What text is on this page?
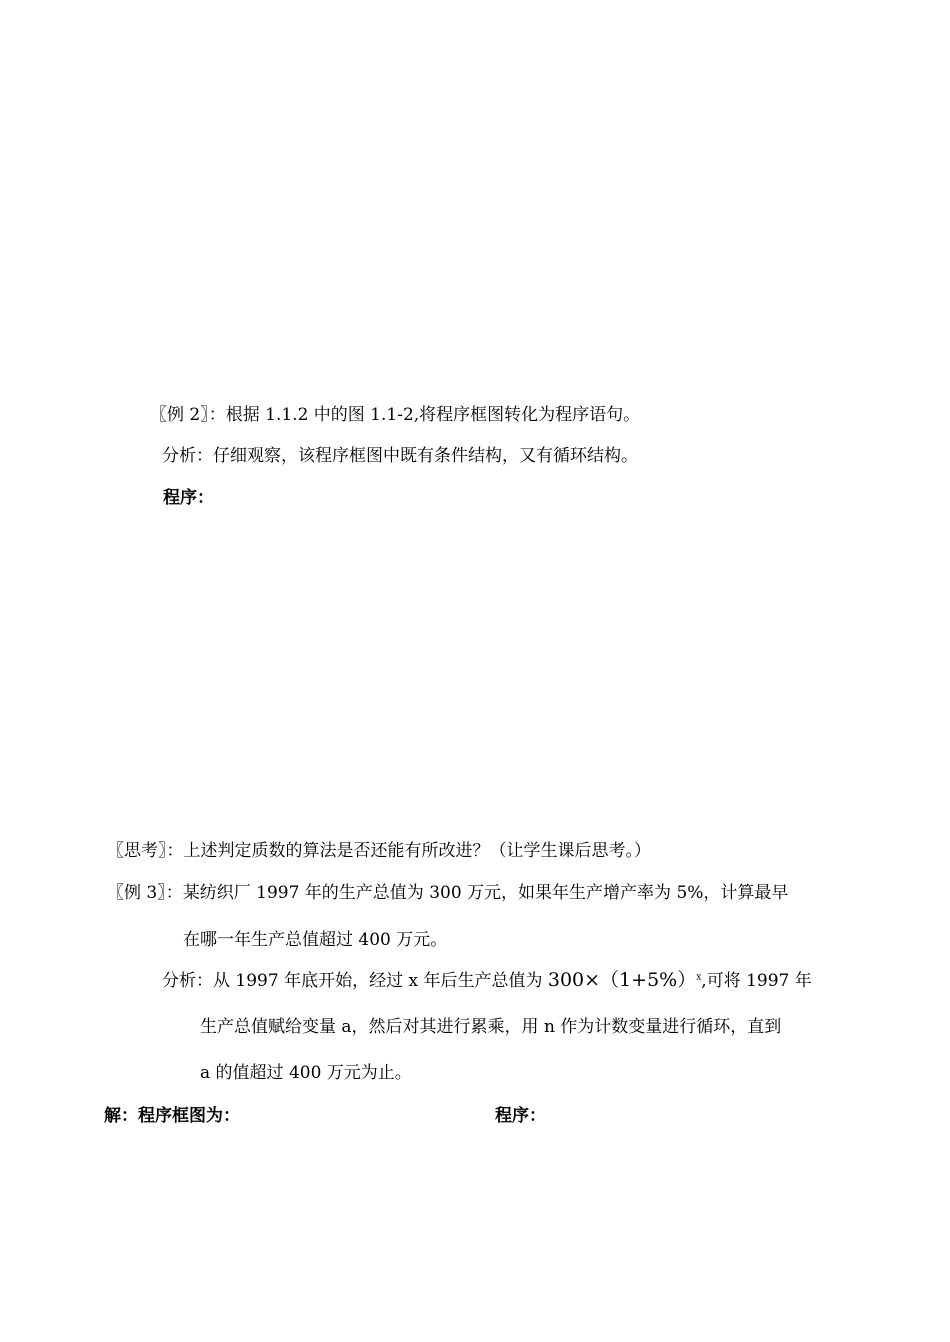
〖例 2〗：根据 1.1.2 中的图 1.1-2,将程序框图转化为程序语句。
分析：仔细观察，该程序框图中既有条件结构，又有循环结构。
程序：
〖思考〗：上述判定质数的算法是否还能有所改进？（让学生课后思考。）
〖例 3〗：某纺织厂 1997 年的生产总值为 300 万元，如果年生产增产率为 5%，计算最早
在哪一年生产总值超过 400 万元。
分析：从 1997 年底开始，经过 x 年后生产总值为 $300\times(1+5\%)^x$,可将 1997 年
生产总值赋给变量 a，然后对其进行累乘，用 n 作为计数变量进行循环，直到
a 的值超过 400 万元为止。
解：程序框图为：	程序：
